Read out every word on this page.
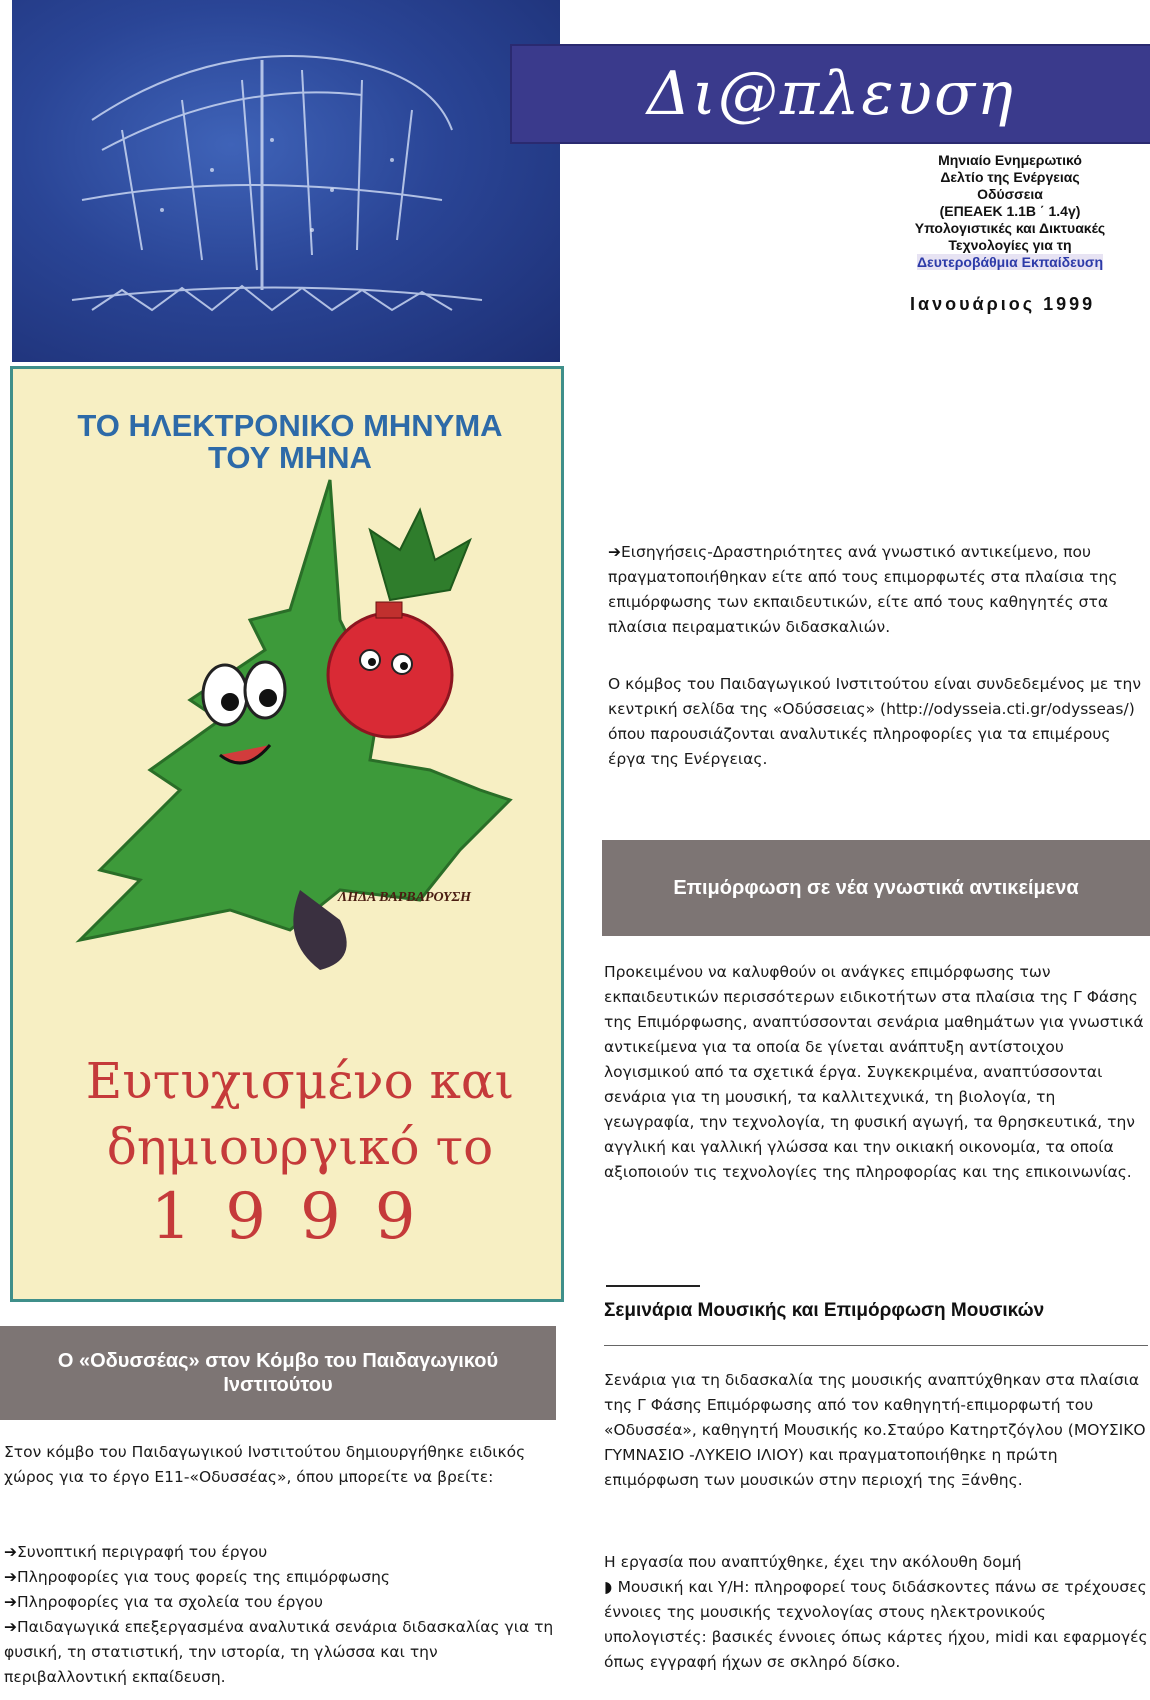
Δι@πλευση
Μηνιαίο Ενημερωτικό
Δελτίο της Ενέργειας
Οδύσσεια
(ΕΠΕΑΕΚ 1.1Β ΄ 1.4γ)
Υπολογιστικές και Δικτυακές
Τεχνολογίες για τη
Δευτεροβάθμια Εκπαίδευση
Ιανουάριος 1999
ΤΟ ΗΛΕΚΤΡΟΝΙΚΟ ΜΗΝΥΜΑ ΤΟΥ ΜΗΝΑ
ΛΗΔΑ ΒΑΡΒΑΡΟΥΣΗ
Ευτυχισμένο και
δημιουργικό το
1999
➔Εισηγήσεις-Δραστηριότητες ανά γνωστικό αντικείμενο, που πραγματοποιήθηκαν είτε από τους επιμορφωτές στα πλαίσια της επιμόρφωσης των εκπαιδευτικών, είτε από τους καθηγητές στα πλαίσια πειραματικών διδασκαλιών.
Ο κόμβος του Παιδαγωγικού Ινστιτούτου είναι συνδεδεμένος με την κεντρική σελίδα της «Οδύσσειας» (http://odysseia.cti.gr/odysseas/) όπου παρουσιάζονται αναλυτικές πληροφορίες για τα επιμέρους έργα της Ενέργειας.
Επιμόρφωση σε νέα γνωστικά αντικείμενα
Προκειμένου να καλυφθούν οι ανάγκες επιμόρφωσης των εκπαιδευτικών περισσότερων ειδικοτήτων στα πλαίσια της Γ Φάσης της Επιμόρφωσης, αναπτύσσονται σενάρια μαθημάτων για γνωστικά αντικείμενα για τα οποία δε γίνεται ανάπτυξη αντίστοιχου λογισμικού από τα σχετικά έργα. Συγκεκριμένα, αναπτύσσονται σενάρια για τη μουσική, τα καλλιτεχνικά, τη βιολογία, τη γεωγραφία, την τεχνολογία, τη φυσική αγωγή, τα θρησκευτικά, την αγγλική και γαλλική γλώσσα και την οικιακή οικονομία, τα οποία αξιοποιούν τις τεχνολογίες της πληροφορίας και της επικοινωνίας.
Σεμινάρια Μουσικής και Επιμόρφωση Μουσικών
Σενάρια για τη διδασκαλία της μουσικής αναπτύχθηκαν στα πλαίσια της Γ Φάσης Επιμόρφωσης από τον καθηγητή-επιμορφωτή του «Οδυσσέα», καθηγητή Μουσικής κο.Σταύρο Κατηρτζόγλου (ΜΟΥΣΙΚΟ ΓΥΜΝΑΣΙΟ -ΛΥΚΕΙΟ ΙΛΙΟΥ) και πραγματοποιήθηκε η πρώτη επιμόρφωση των μουσικών στην περιοχή της Ξάνθης.
Η εργασία που αναπτύχθηκε, έχει την ακόλουθη δομή
◗ Μουσική και Υ/Η: πληροφορεί τους διδάσκοντες πάνω σε τρέχουσες έννοιες της μουσικής τεχνολογίας στους ηλεκτρονικούς υπολογιστές: βασικές έννοιες όπως κάρτες ήχου, midi και εφαρμογές όπως εγγραφή ήχων σε σκληρό δίσκο.
Ο «Οδυσσέας» στον Κόμβο του Παιδαγωγικού Ινστιτούτου
Στον κόμβο του Παιδαγωγικού Ινστιτούτου δημιουργήθηκε ειδικός χώρος για το έργο Ε11-«Οδυσσέας», όπου μπορείτε να βρείτε:
➔Συνοπτική περιγραφή του έργου
➔Πληροφορίες για τους φορείς της επιμόρφωσης
➔Πληροφορίες για τα σχολεία του έργου
➔Παιδαγωγικά επεξεργασμένα αναλυτικά σενάρια διδασκαλίας για τη φυσική, τη στατιστική, την ιστορία, τη γλώσσα και την περιβαλλοντική εκπαίδευση.
